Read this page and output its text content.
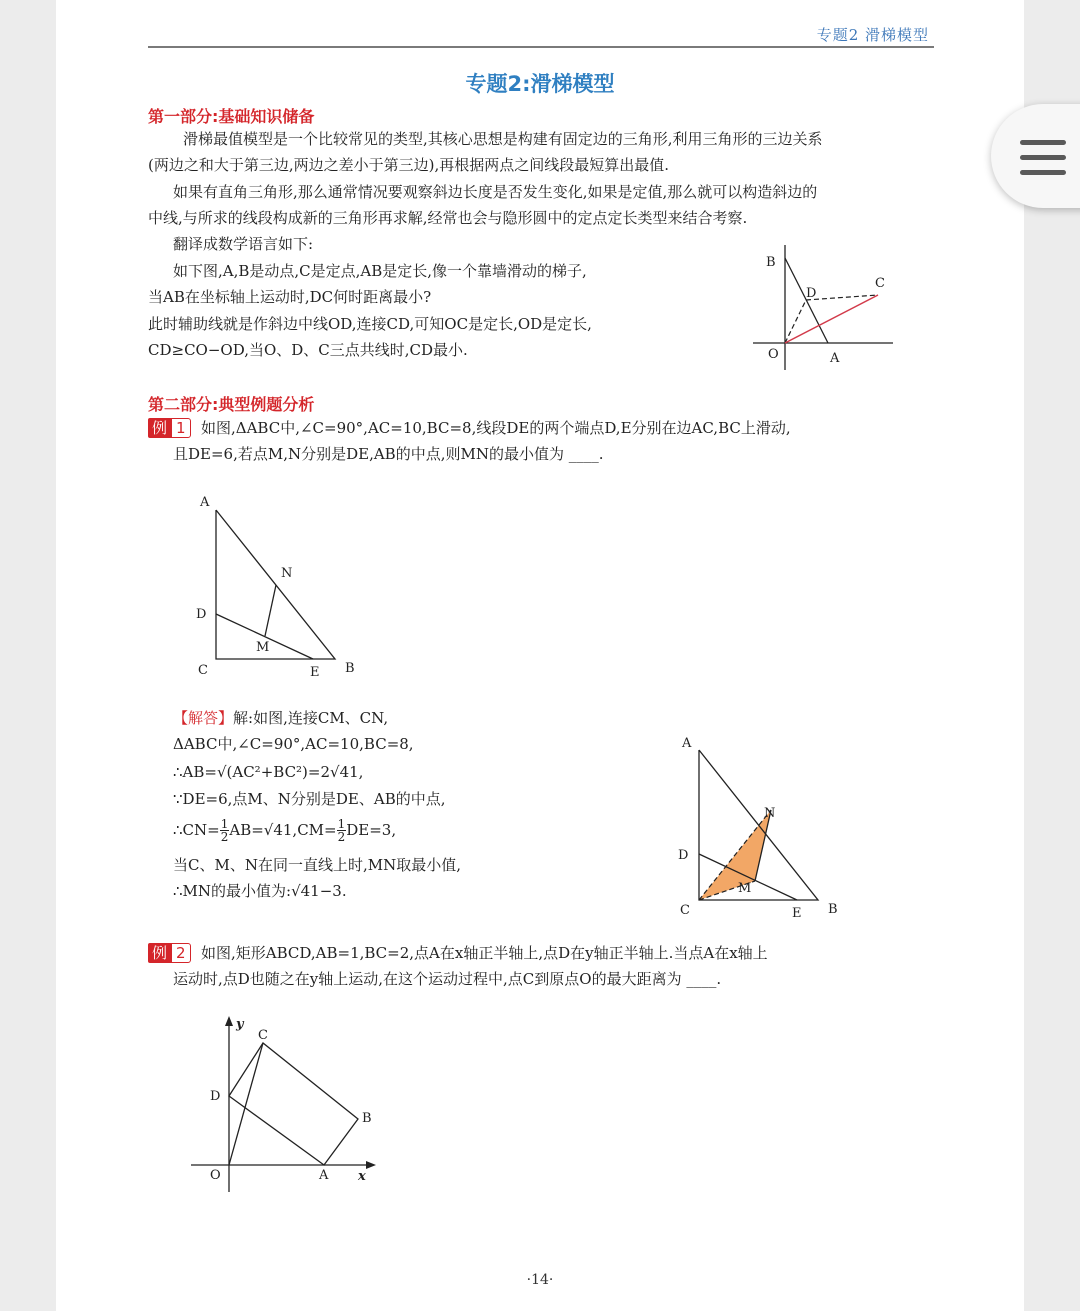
专题2 滑梯模型
专题2:滑梯模型
第一部分:基础知识储备
滑梯最值模型是一个比较常见的类型,其核心思想是构建有固定边的三角形,利用三角形的三边关系
(两边之和大于第三边,两边之差小于第三边),再根据两点之间线段最短算出最值.
如果有直角三角形,那么通常情况要观察斜边长度是否发生变化,如果是定值,那么就可以构造斜边的
中线,与所求的线段构成新的三角形再求解,经常也会与隐形圆中的定点定长类型来结合考察.
翻译成数学语言如下:
如下图,A,B是动点,C是定点,AB是定长,像一个靠墙滑动的梯子,
当AB在坐标轴上运动时,DC何时距离最小?
此时辅助线就是作斜边中线OD,连接CD,可知OC是定长,OD是定长,
CD≥CO−OD,当O、D、C三点共线时,CD最小.
B
D
C
O	A
第二部分:典型例题分析
例 1	如图,ΔABC中,∠C=90°,AC=10,BC=8,线段DE的两个端点D,E分别在边AC,BC上滑动,
且DE=6,若点M,N分别是DE,AB的中点,则MN的最小值为 ____.
A
N
D
M
C	E B
【解答】解:如图,连接CM、CN,
ΔABC中,∠C=90°,AC=10,BC=8,
∴AB=√(AC²+BC²)=2√41,
∵DE=6,点M、N分别是DE、AB的中点,
∴CN= $\frac{1}{2} AB=√41,CM= \frac{1}{2} DE=3$,
当C、M、N在同一直线上时,MN取最小值,
∴MN的最小值为:√41−3.
A
N
D
M
C	E B
例 2	如图,矩形ABCD,AB=1,BC=2,点A在x轴正半轴上,点D在y轴正半轴上.当点A在x轴上
运动时,点D也随之在y轴上运动,在这个运动过程中,点C到原点O的最大距离为 ____.
y
C
D
B
O	A x
·14·
